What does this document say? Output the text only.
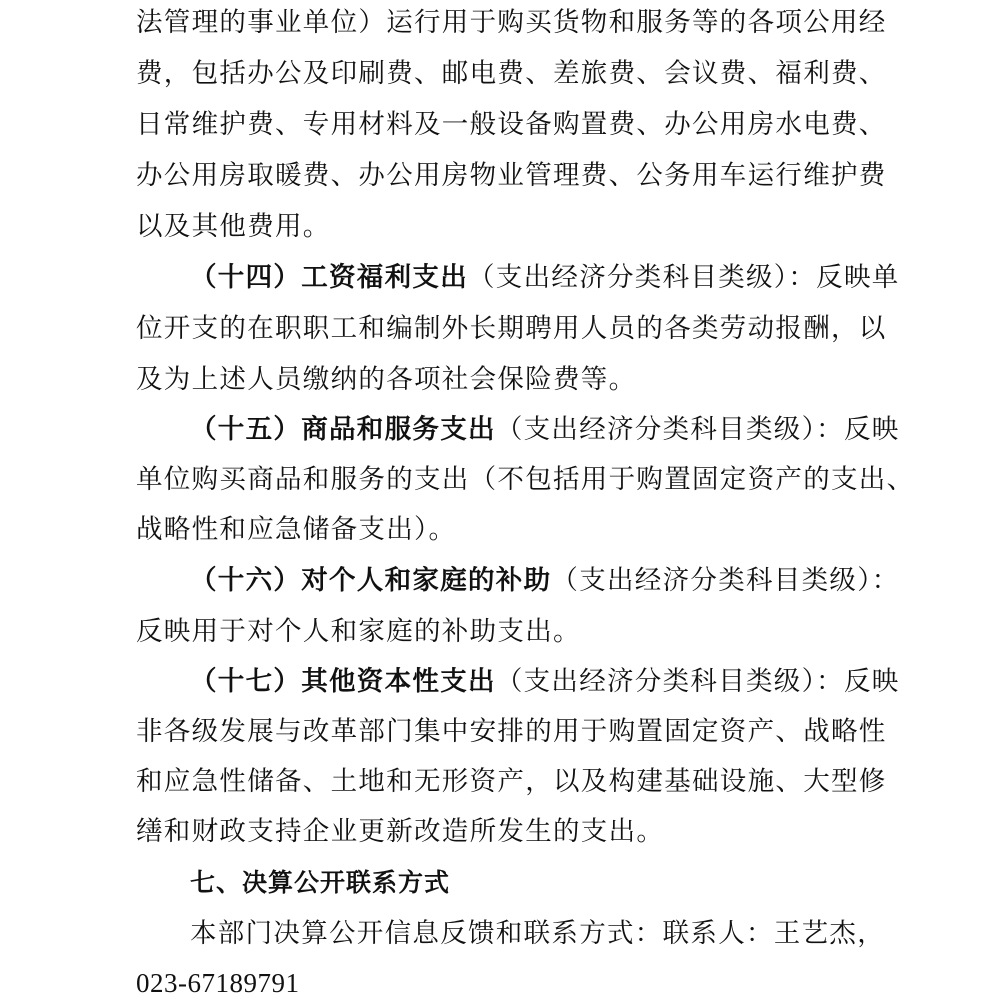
法管理的事业单位）运行用于购买货物和服务等的各项公用经

费，包括办公及印刷费、邮电费、差旅费、会议费、福利费、

日常维护费、专用材料及一般设备购置费、办公用房水电费、

办公用房取暖费、办公用房物业管理费、公务用车运行维护费

以及其他费用。

（十四）工资福利支出（支出经济分类科目类级）：反映单

位开支的在职职工和编制外长期聘用人员的各类劳动报酬，以

及为上述人员缴纳的各项社会保险费等。

（十五）商品和服务支出（支出经济分类科目类级）：反映

单位购买商品和服务的支出（不包括用于购置固定资产的支出、

战略性和应急储备支出）。

（十六）对个人和家庭的补助（支出经济分类科目类级）：

反映用于对个人和家庭的补助支出。

（十七）其他资本性支出（支出经济分类科目类级）：反映

非各级发展与改革部门集中安排的用于购置固定资产、战略性

和应急性储备、土地和无形资产，以及构建基础设施、大型修

缮和财政支持企业更新改造所发生的支出。

七、决算公开联系方式

本部门决算公开信息反馈和联系方式：联系人：王艺杰，

023-67189791
